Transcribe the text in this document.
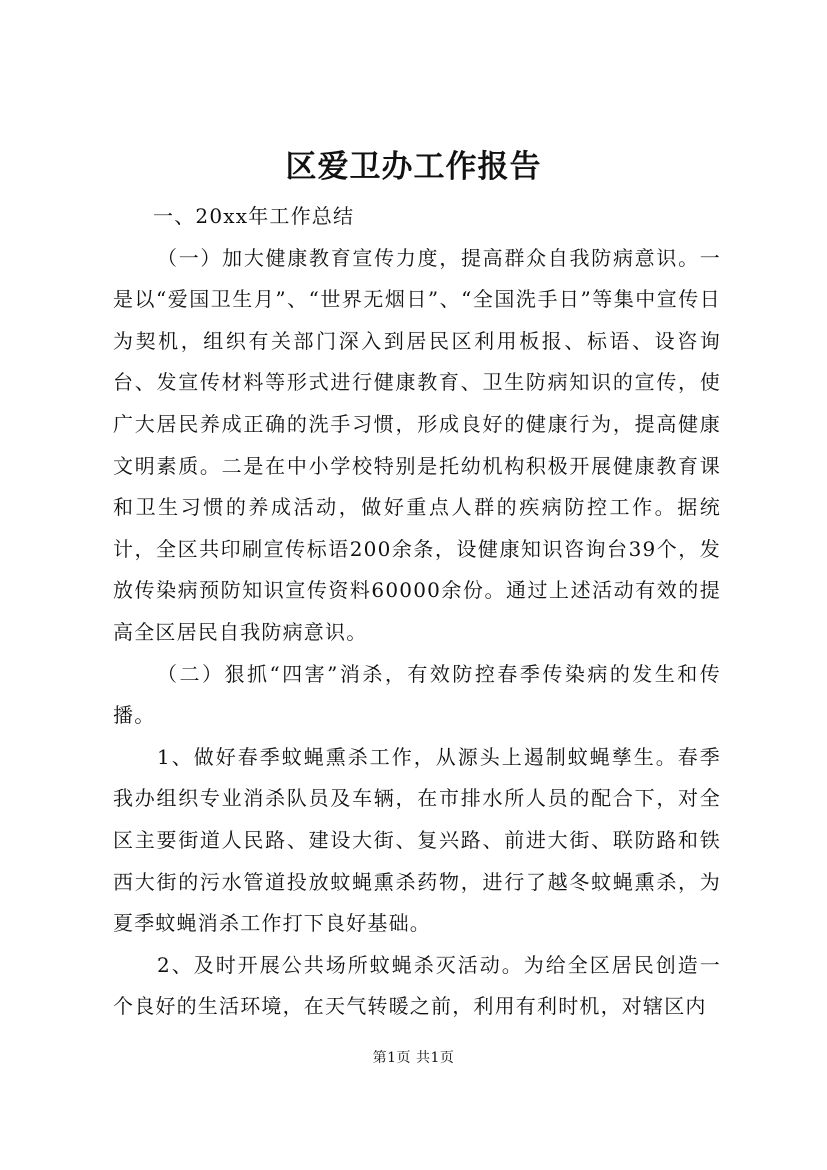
区爱卫办工作报告

一、20xx年工作总结

（一）加大健康教育宣传力度，提高群众自我防病意识。一是以“爱国卫生月”、“世界无烟日”、“全国洗手日”等集中宣传日为契机，组织有关部门深入到居民区利用板报、标语、设咨询台、发宣传材料等形式进行健康教育、卫生防病知识的宣传，使广大居民养成正确的洗手习惯，形成良好的健康行为，提高健康文明素质。二是在中小学校特别是托幼机构积极开展健康教育课和卫生习惯的养成活动，做好重点人群的疾病防控工作。据统计，全区共印刷宣传标语200余条，设健康知识咨询台39个，发放传染病预防知识宣传资料60000余份。通过上述活动有效的提高全区居民自我防病意识。

（二）狠抓“四害”消杀，有效防控春季传染病的发生和传播。

1、做好春季蚊蝇熏杀工作，从源头上遏制蚊蝇孳生。春季我办组织专业消杀队员及车辆，在市排水所人员的配合下，对全区主要街道人民路、建设大街、复兴路、前进大街、联防路和铁西大街的污水管道投放蚊蝇熏杀药物，进行了越冬蚊蝇熏杀，为夏季蚊蝇消杀工作打下良好基础。

2、及时开展公共场所蚊蝇杀灭活动。为给全区居民创造一个良好的生活环境，在天气转暖之前，利用有利时机，对辖区内

第1页 共1页
